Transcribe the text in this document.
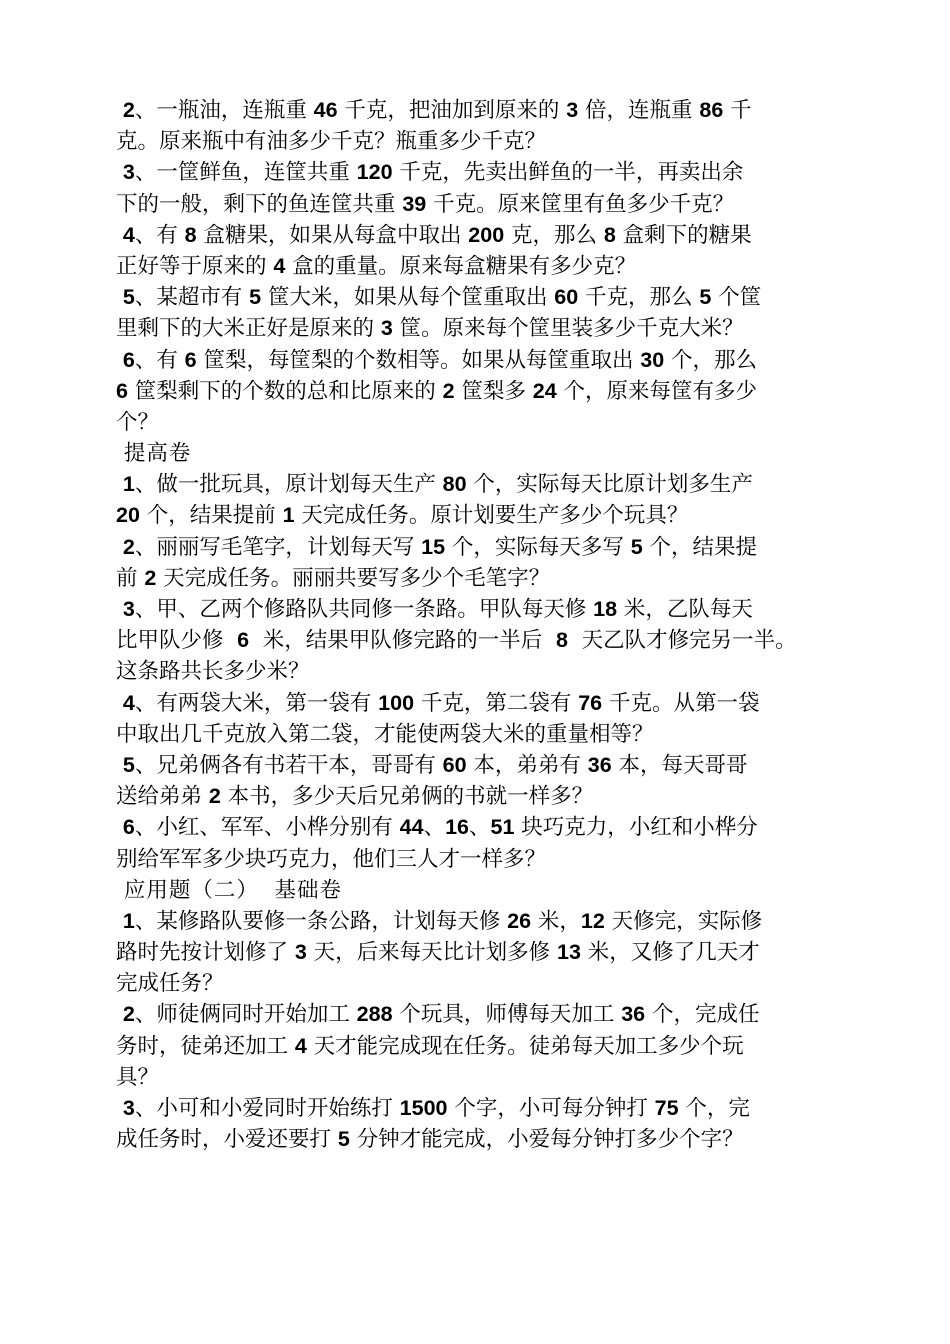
2、一瓶油，连瓶重 46 千克，把油加到原来的 3 倍，连瓶重 86 千
克。原来瓶中有油多少千克？瓶重多少千克？
3、一筐鲜鱼，连筐共重 120 千克，先卖出鲜鱼的一半，再卖出余
下的一般，剩下的鱼连筐共重 39 千克。原来筐里有鱼多少千克？
4、有 8 盒糖果，如果从每盒中取出 200 克，那么 8 盒剩下的糖果
正好等于原来的 4 盒的重量。原来每盒糖果有多少克？
5、某超市有 5 筐大米，如果从每个筐重取出 60 千克，那么 5 个筐
里剩下的大米正好是原来的 3 筐。原来每个筐里装多少千克大米？
6、有 6 筐梨，每筐梨的个数相等。如果从每筐重取出 30 个，那么
6 筐梨剩下的个数的总和比原来的 2 筐梨多 24 个，原来每筐有多少
个？
提高卷
1、做一批玩具，原计划每天生产 80 个，实际每天比原计划多生产
20 个，结果提前 1 天完成任务。原计划要生产多少个玩具？
2、丽丽写毛笔字，计划每天写 15 个，实际每天多写 5 个，结果提
前 2 天完成任务。丽丽共要写多少个毛笔字？
3、甲、乙两个修路队共同修一条路。甲队每天修 18 米，乙队每天
比甲队少修  6  米，结果甲队修完路的一半后  8  天乙队才修完另一半。
这条路共长多少米？
4、有两袋大米，第一袋有 100 千克，第二袋有 76 千克。从第一袋
中取出几千克放入第二袋，才能使两袋大米的重量相等？
5、兄弟俩各有书若干本，哥哥有 60 本，弟弟有 36 本，每天哥哥
送给弟弟 2 本书，多少天后兄弟俩的书就一样多？
6、小红、军军、小桦分别有 44、16、51 块巧克力，小红和小桦分
别给军军多少块巧克力，他们三人才一样多？
应用题（二）  基础卷
1、某修路队要修一条公路，计划每天修 26 米，12 天修完，实际修
路时先按计划修了 3 天，后来每天比计划多修 13 米，又修了几天才
完成任务？
2、师徒俩同时开始加工 288 个玩具，师傅每天加工 36 个，完成任
务时，徒弟还加工 4 天才能完成现在任务。徒弟每天加工多少个玩
具？
3、小可和小爱同时开始练打 1500 个字，小可每分钟打 75 个，完
成任务时，小爱还要打 5 分钟才能完成，小爱每分钟打多少个字？
